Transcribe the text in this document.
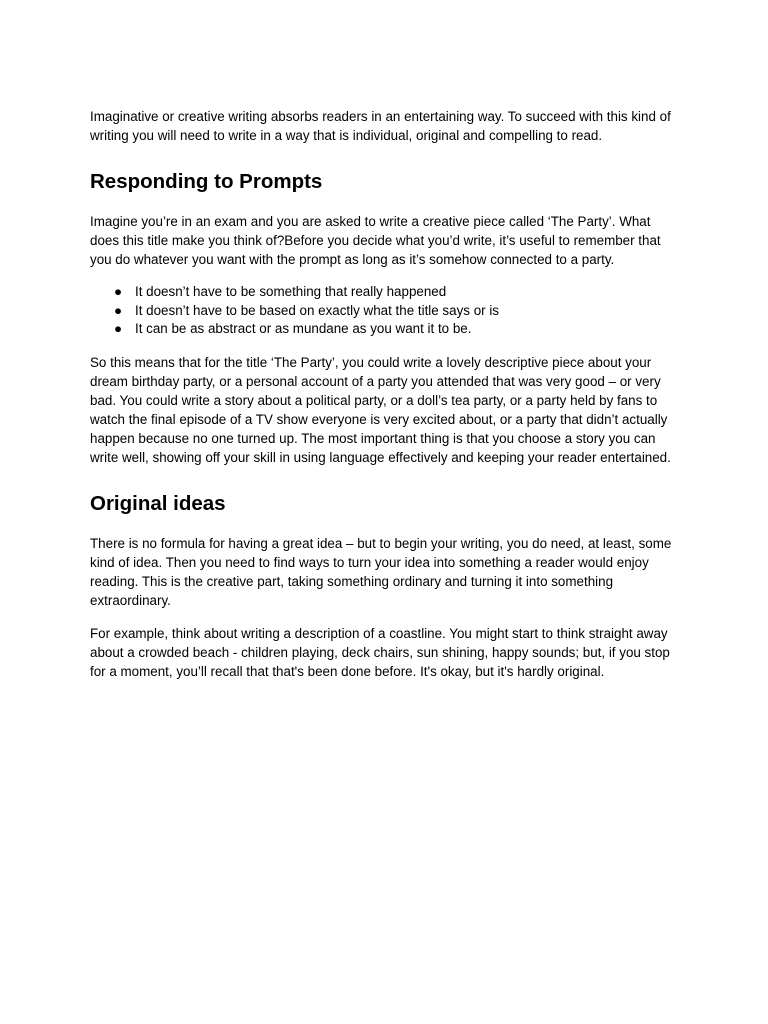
Imaginative or creative writing absorbs readers in an entertaining way. To succeed with this kind of writing you will need to write in a way that is individual, original and compelling to read.

Responding to Prompts

Imagine you’re in an exam and you are asked to write a creative piece called ‘The Party’. What does this title make you think of?Before you decide what you’d write, it’s useful to remember that you do whatever you want with the prompt as long as it’s somehow connected to a party.

● It doesn’t have to be something that really happened
● It doesn’t have to be based on exactly what the title says or is
● It can be as abstract or as mundane as you want it to be.

So this means that for the title ‘The Party’, you could write a lovely descriptive piece about your dream birthday party, or a personal account of a party you attended that was very good – or very bad. You could write a story about a political party, or a doll’s tea party, or a party held by fans to watch the final episode of a TV show everyone is very excited about, or a party that didn’t actually happen because no one turned up. The most important thing is that you choose a story you can write well, showing off your skill in using language effectively and keeping your reader entertained.

Original ideas

There is no formula for having a great idea – but to begin your writing, you do need, at least, some kind of idea. Then you need to find ways to turn your idea into something a reader would enjoy reading. This is the creative part, taking something ordinary and turning it into something extraordinary.

For example, think about writing a description of a coastline. You might start to think straight away about a crowded beach - children playing, deck chairs, sun shining, happy sounds; but, if you stop for a moment, you’ll recall that that's been done before. It's okay, but it's hardly original.
